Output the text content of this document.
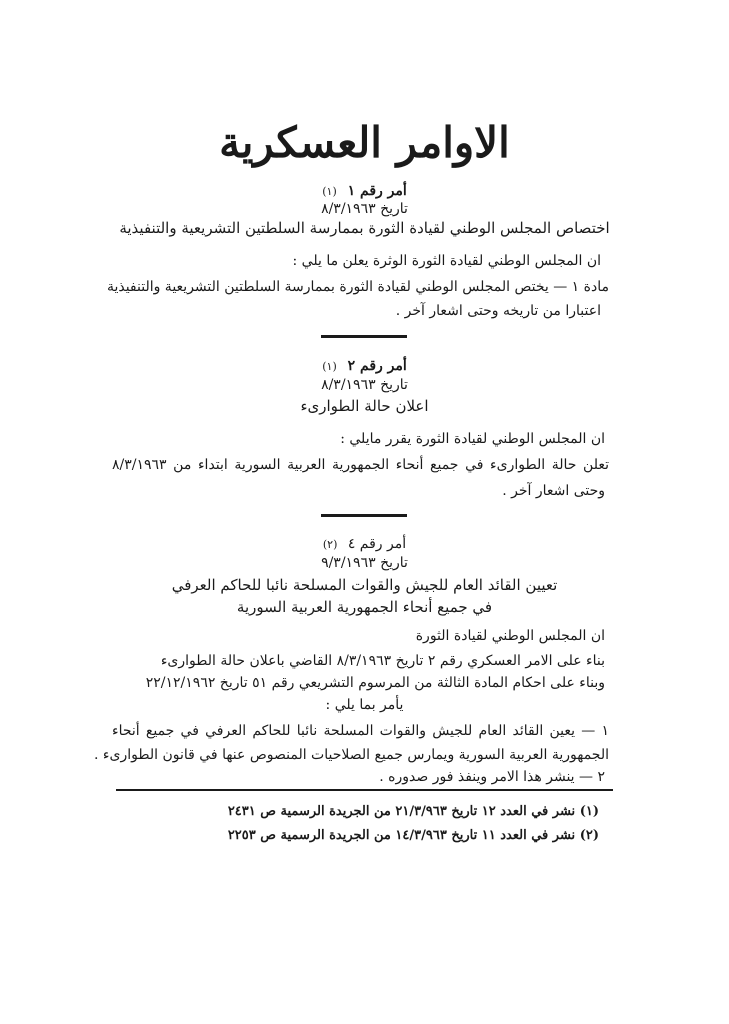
الاوامر العسكرية
أمر رقم ١ (١)
تاريخ ٨/٣/١٩٦٣
اختصاص المجلس الوطني لقيادة الثورة بممارسة السلطتين التشريعية والتنفيذية
ان المجلس الوطني لقيادة الثورة الوثرة يعلن ما يلي :
مادة ١ — يختص المجلس الوطني لقيادة الثورة بممارسة السلطتين التشريعية والتنفيذية
اعتبارا من تاريخه وحتى اشعار آخر .
أمر رقم ٢ (١)
تاريخ ٨/٣/١٩٦٣
اعلان حالة الطوارىء
ان المجلس الوطني لقيادة الثورة يقرر مايلي :
تعلن حالة الطوارىء في جميع أنحاء الجمهورية العربية السورية ابتداء من ٨/٣/١٩٦٣
وحتى اشعار آخر .
أمر رقم ٤ (٢)
تاريخ ٩/٣/١٩٦٣
تعيين القائد العام للجيش والقوات المسلحة نائبا للحاكم العرفي
في جميع أنحاء الجمهورية العربية السورية
ان المجلس الوطني لقيادة الثورة
بناء على الامر العسكري رقم ٢ تاريخ ٨/٣/١٩٦٣ القاضي باعلان حالة الطوارىء
وبناء على احكام المادة الثالثة من المرسوم التشريعي رقم ٥١ تاريخ ٢٢/١٢/١٩٦٢
يأمر بما يلي :
١ — يعين القائد العام للجيش والقوات المسلحة نائبا للحاكم العرفي في جميع أنحاء
الجمهورية العربية السورية ويمارس جميع الصلاحيات المنصوص عنها في قانون الطوارىء .
٢ — ينشر هذا الامر وينفذ فور صدوره .
(١) نشر في العدد ١٢ تاريخ ٢١/٣/٩٦٣ من الجريدة الرسمية ص ٢٤٣١
(٢) نشر في العدد ١١ تاريخ ١٤/٣/٩٦٣ من الجريدة الرسمية ص ٢٢٥٣
